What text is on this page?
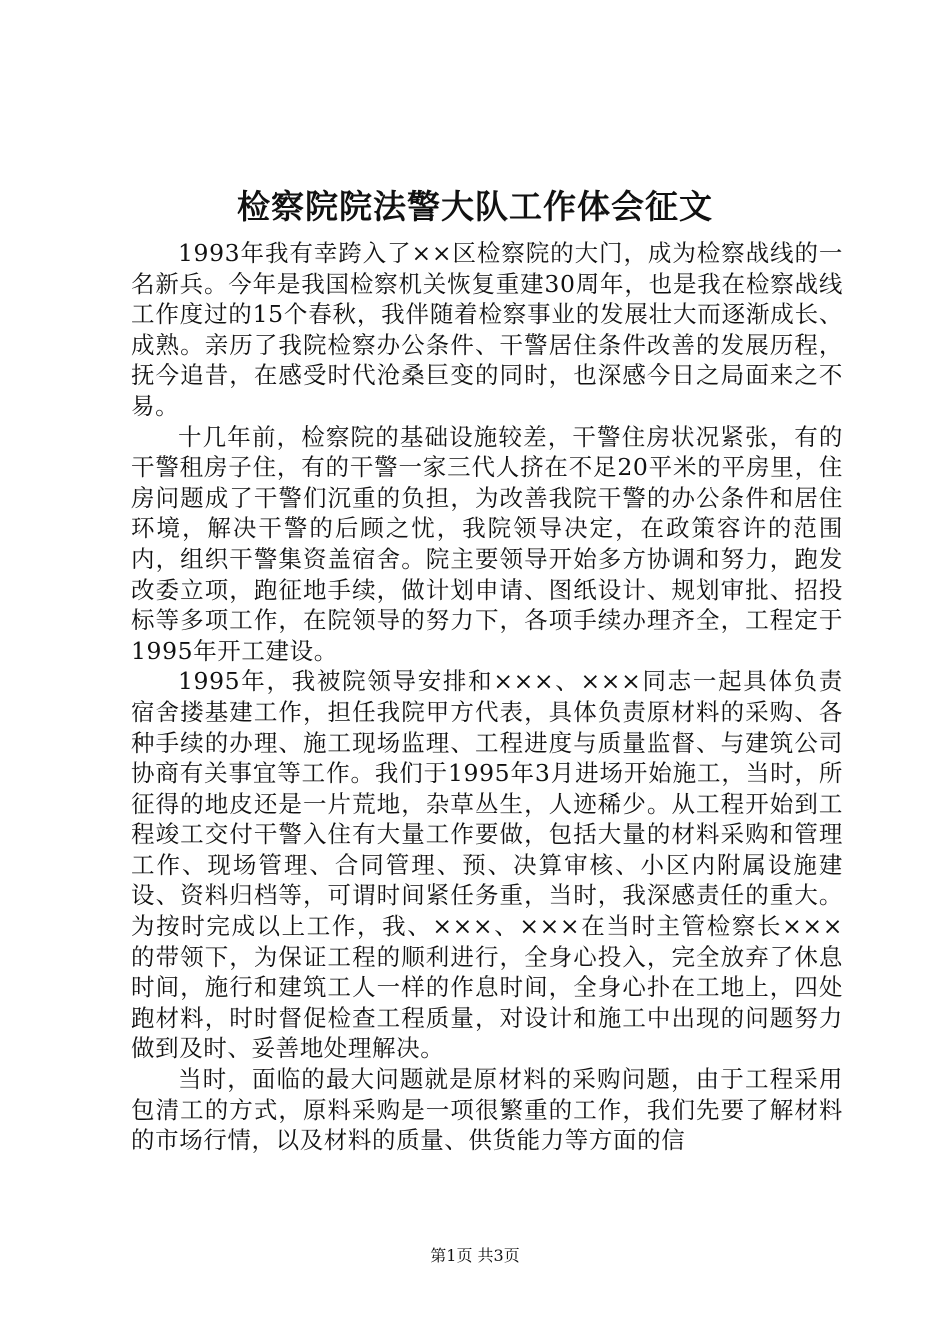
检察院院法警大队工作体会征文

1993年我有幸跨入了××区检察院的大门，成为检察战线的一名新兵。今年是我国检察机关恢复重建30周年，也是我在检察战线工作度过的15个春秋，我伴随着检察事业的发展壮大而逐渐成长、成熟。亲历了我院检察办公条件、干警居住条件改善的发展历程，抚今追昔，在感受时代沧桑巨变的同时，也深感今日之局面来之不易。

十几年前，检察院的基础设施较差，干警住房状况紧张，有的干警租房子住，有的干警一家三代人挤在不足20平米的平房里，住房问题成了干警们沉重的负担，为改善我院干警的办公条件和居住环境，解决干警的后顾之忧，我院领导决定，在政策容许的范围内，组织干警集资盖宿舍。院主要领导开始多方协调和努力，跑发改委立项，跑征地手续，做计划申请、图纸设计、规划审批、招投标等多项工作，在院领导的努力下，各项手续办理齐全，工程定于1995年开工建设。

1995年，我被院领导安排和×××、×××同志一起具体负责宿舍搂基建工作，担任我院甲方代表，具体负责原材料的采购、各种手续的办理、施工现场监理、工程进度与质量监督、与建筑公司协商有关事宜等工作。我们于1995年3月进场开始施工，当时，所征得的地皮还是一片荒地，杂草丛生，人迹稀少。从工程开始到工程竣工交付干警入住有大量工作要做，包括大量的材料采购和管理工作、现场管理、合同管理、预、决算审核、小区内附属设施建设、资料归档等，可谓时间紧任务重，当时，我深感责任的重大。为按时完成以上工作，我、×××、×××在当时主管检察长×××的带领下，为保证工程的顺利进行，全身心投入，完全放弃了休息时间，施行和建筑工人一样的作息时间，全身心扑在工地上，四处跑材料，时时督促检查工程质量，对设计和施工中出现的问题努力做到及时、妥善地处理解决。

当时，面临的最大问题就是原材料的采购问题，由于工程采用包清工的方式，原料采购是一项很繁重的工作，我们先要了解材料的市场行情，以及材料的质量、供货能力等方面的信

第1页 共3页
